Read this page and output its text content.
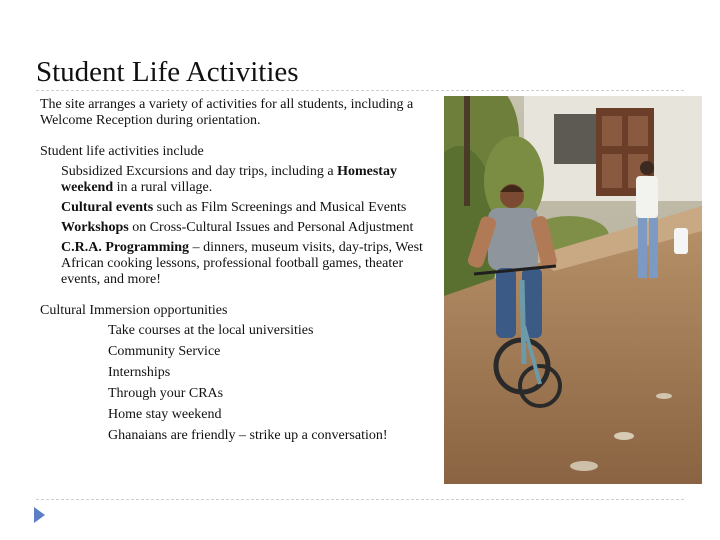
Student Life Activities
The site arranges a variety of activities for all students, including a Welcome Reception during orientation.
Student life activities include
Subsidized Excursions and day trips, including a Homestay weekend in a rural village.
Cultural events such as Film Screenings and Musical Events
Workshops on Cross-Cultural Issues and Personal Adjustment
C.R.A. Programming – dinners, museum visits, day-trips, West African cooking lessons, professional football games, theater events, and more!
Cultural Immersion opportunities
Take courses at the local universities
Community Service
Internships
Through your CRAs
Home stay weekend
Ghanaians are friendly – strike up a conversation!
